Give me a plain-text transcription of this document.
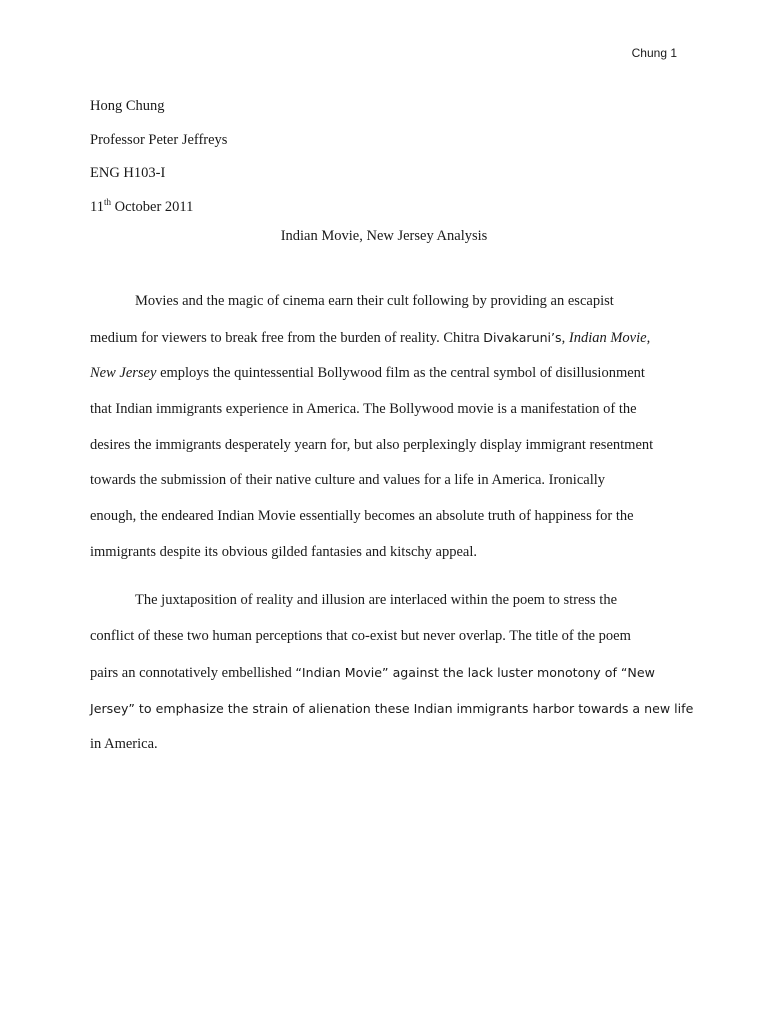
Chung 1
Hong Chung
Professor Peter Jeffreys
ENG H103-I
11th October 2011
Indian Movie, New Jersey Analysis

Movies and the magic of cinema earn their cult following by providing an escapist
medium for viewers to break free from the burden of reality. Chitra Divakaruni’s, Indian Movie,
New Jersey employs the quintessential Bollywood film as the central symbol of disillusionment
that Indian immigrants experience in America. The Bollywood movie is a manifestation of the
desires the immigrants desperately yearn for, but also perplexingly display immigrant resentment
towards the submission of their native culture and values for a life in America. Ironically
enough, the endeared Indian Movie essentially becomes an absolute truth of happiness for the
immigrants despite its obvious gilded fantasies and kitschy appeal.

The juxtaposition of reality and illusion are interlaced within the poem to stress the
conflict of these two human perceptions that co-exist but never overlap. The title of the poem
pairs an connotatively embellished “Indian Movie” against the lack luster monotony of “New
Jersey” to emphasize the strain of alienation these Indian immigrants harbor towards a new life
in America.
